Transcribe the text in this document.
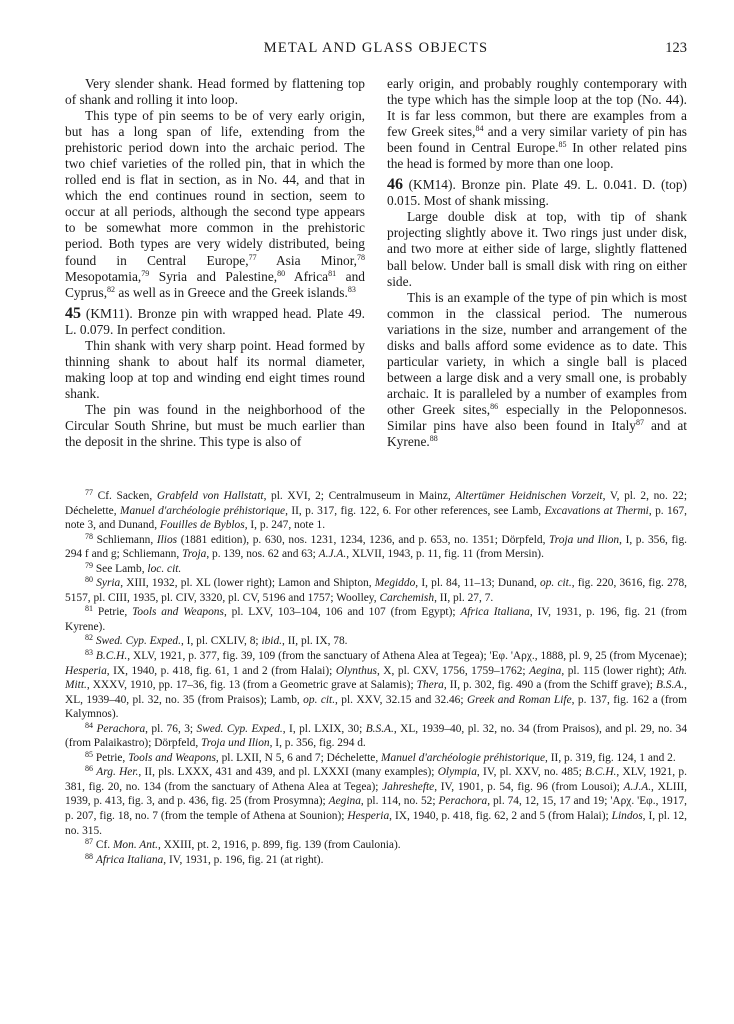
METAL AND GLASS OBJECTS	123

Very slender shank. Head formed by flattening top of shank and rolling it into loop.

This type of pin seems to be of very early origin, but has a long span of life, extending from the prehistoric period down into the archaic period. The two chief varieties of the rolled pin, that in which the rolled end is flat in section, as in No. 44, and that in which the end continues round in section, seem to occur at all periods, although the second type appears to be somewhat more common in the prehistoric period. Both types are very widely distributed, being found in Central Europe,$^{77}$ Asia Minor,$^{78}$ Mesopotamia,$^{79}$ Syria and Palestine,$^{80}$ Africa$^{81}$ and Cyprus,$^{82}$ as well as in Greece and the Greek islands.$^{83}$

45 (KM11). Bronze pin with wrapped head. Plate 49. L. 0.079. In perfect condition.

Thin shank with very sharp point. Head formed by thinning shank to about half its normal diameter, making loop at top and winding end eight times round shank.

The pin was found in the neighborhood of the Circular South Shrine, but must be much earlier than the deposit in the shrine. This type is also of

early origin, and probably roughly contemporary with the type which has the simple loop at the top (No. 44). It is far less common, but there are examples from a few Greek sites,$^{84}$ and a very similar variety of pin has been found in Central Europe.$^{85}$ In other related pins the head is formed by more than one loop.

46 (KM14). Bronze pin. Plate 49. L. 0.041. D. (top) 0.015. Most of shank missing.

Large double disk at top, with tip of shank projecting slightly above it. Two rings just under disk, and two more at either side of large, slightly flattened ball below. Under ball is small disk with ring on either side.

This is an example of the type of pin which is most common in the classical period. The numerous variations in the size, number and arrangement of the disks and balls afford some evidence as to date. This particular variety, in which a single ball is placed between a large disk and a very small one, is probably archaic. It is paralleled by a number of examples from other Greek sites,$^{86}$ especially in the Peloponnesos. Similar pins have also been found in Italy$^{87}$ and at Kyrene.$^{88}$

$^{77}$ Cf. Sacken, Grabfeld von Hallstatt, pl. XVI, 2; Centralmuseum in Mainz, Altertümer Heidnischen Vorzeit, V, pl. 2, no. 22; Déchelette, Manuel d'archéologie préhistorique, II, p. 317, fig. 122, 6. For other references, see Lamb, Excavations at Thermi, p. 167, note 3, and Dunand, Fouilles de Byblos, I, p. 247, note 1.

$^{78}$ Schliemann, Ilios (1881 edition), p. 630, nos. 1231, 1234, 1236, and p. 653, no. 1351; Dörpfeld, Troja und Ilion, I, p. 356, fig. 294 f and g; Schliemann, Troja, p. 139, nos. 62 and 63; A.J.A., XLVII, 1943, p. 11, fig. 11 (from Mersin).

$^{79}$ See Lamb, loc. cit.

$^{80}$ Syria, XIII, 1932, pl. XL (lower right); Lamon and Shipton, Megiddo, I, pl. 84, 11–13; Dunand, op. cit., fig. 220, 3616, fig. 278, 5157, pl. CIII, 1935, pl. CIV, 3320, pl. CV, 5196 and 1757; Woolley, Carchemish, II, pl. 27, 7.

$^{81}$ Petrie, Tools and Weapons, pl. LXV, 103–104, 106 and 107 (from Egypt); Africa Italiana, IV, 1931, p. 196, fig. 21 (from Kyrene).

$^{82}$ Swed. Cyp. Exped., I, pl. CXLIV, 8; ibid., II, pl. IX, 78.

$^{83}$ B.C.H., XLV, 1921, p. 377, fig. 39, 109 (from the sanctuary of Athena Alea at Tegea); 'Εφ. 'Αρχ., 1888, pl. 9, 25 (from Mycenae); Hesperia, IX, 1940, p. 418, fig. 61, 1 and 2 (from Halai); Olynthus, X, pl. CXV, 1756, 1759–1762; Aegina, pl. 115 (lower right); Ath. Mitt., XXXV, 1910, pp. 17–36, fig. 13 (from a Geometric grave at Salamis); Thera, II, p. 302, fig. 490 a (from the Schiff grave); B.S.A., XL, 1939–40, pl. 32, no. 35 (from Praisos); Lamb, op. cit., pl. XXV, 32.15 and 32.46; Greek and Roman Life, p. 137, fig. 162 a (from Kalymnos).

$^{84}$ Perachora, pl. 76, 3; Swed. Cyp. Exped., I, pl. LXIX, 30; B.S.A., XL, 1939–40, pl. 32, no. 34 (from Praisos), and pl. 29, no. 34 (from Palaikastro); Dörpfeld, Troja und Ilion, I, p. 356, fig. 294 d.

$^{85}$ Petrie, Tools and Weapons, pl. LXII, N 5, 6 and 7; Déchelette, Manuel d'archéologie préhistorique, II, p. 319, fig. 124, 1 and 2.

$^{86}$ Arg. Her., II, pls. LXXX, 431 and 439, and pl. LXXXI (many examples); Olympia, IV, pl. XXV, no. 485; B.C.H., XLV, 1921, p. 381, fig. 20, no. 134 (from the sanctuary of Athena Alea at Tegea); Jahreshefte, IV, 1901, p. 54, fig. 96 (from Lousoi); A.J.A., XLIII, 1939, p. 413, fig. 3, and p. 436, fig. 25 (from Prosymna); Aegina, pl. 114, no. 52; Perachora, pl. 74, 12, 15, 17 and 19; 'Αρχ. 'Εφ., 1917, p. 207, fig. 18, no. 7 (from the temple of Athena at Sounion); Hesperia, IX, 1940, p. 418, fig. 62, 2 and 5 (from Halai); Lindos, I, pl. 12, no. 315.

$^{87}$ Cf. Mon. Ant., XXIII, pt. 2, 1916, p. 899, fig. 139 (from Caulonia).

$^{88}$ Africa Italiana, IV, 1931, p. 196, fig. 21 (at right).
